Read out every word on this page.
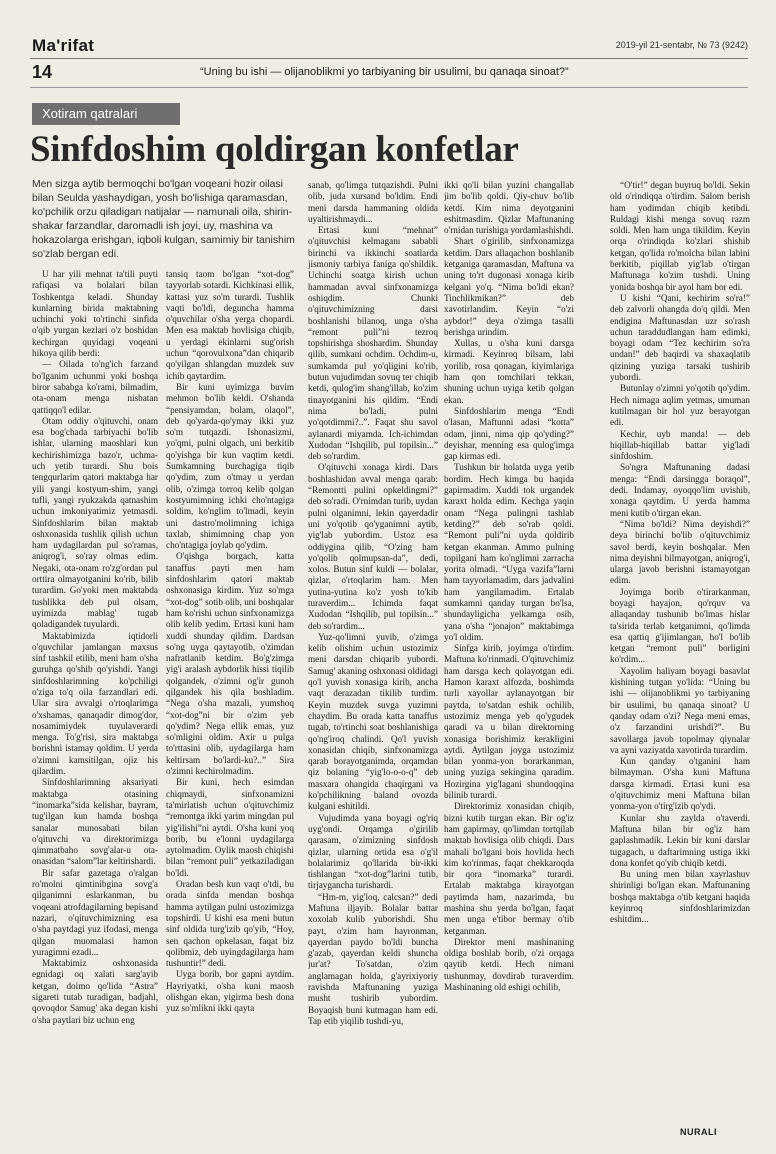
Ma'rifat	2019-yil 21-sentabr, № 73 (9242)
14	“Uning bu ishi — olijanoblikmi yo tarbiyaning bir usulimi, bu qanaqa sinoat?”
Xotiram qatralari
Sinfdoshim qoldirgan konfetlar
Men sizga aytib bermoqchi bo'lgan voqeani hozir oilasi bilan Seulda yashaydigan, yosh bo'lishiga qaramasdan, ko'pchilik orzu qiladigan natijalar — namunali oila, shirin-shakar farzandlar, daromadli ish joyi, uy, mashina va hokazolarga erishgan, iqboli kulgan, samimiy bir tanishim so'zlab bergan edi.

U har yili mehnat ta'tili puyti rafiqasi va bolalari bilan Toshkentga keladi. Shunday kunlarning birida maktabning uchinchi yoki to'rtinchi sinfida o'qib yurgan kezlari o'z boshidan kechirgan quyidagi voqeani hikoya qilib berdi:

— Oilada to'ng'ich farzand bo'lganim uchunmi yoki boshqa biror sababga ko'rami, bilmadim, ota-onam menga nisbatan qattiqqo'l edilar.

Otam oddiy o'qituvchi, onam esa bog'chada tarbiyachi bo'lib ishlar, ularning maoshlari kun kechirishimizga bazo'r, uchma-uch yetib turardi. Shu bois tengqurlarim qatori maktabga har yili yangi kostyum-shim, yangi tufli, yangi ryukzakda qatnashim uchun imkoniyatimiz yetmasdi. Sinfdoshlarim bilan maktab oshxonasida tushlik qilish uchun ham uydagilardan pul so'ramas, aniqrog'i, so'ray olmas edim. Negaki, ota-onam ro'zg'ordan pul orttira olmayotganini ko'rib, bilib turardim. Go'yoki men maktabda tushlikka deb pul olsam, uyimizda mablag' tugab qoladigandek tuyulardi.

Maktabimizda iqtidorli o'quvchilar jamlangan maxsus sinf tashkil etilib, meni ham o'sha guruhga qo'shib qo'yishdi. Yangi sinfdoshlarimning ko'pchiligi o'ziga to'q oila farzandlari edi. Ular sira avvalgi o'rtoqlarimga o'xshamas, qanaqadir dimog'dor, nosamimiydek tuyulaverardi menga. To'g'risi, sira maktabga borishni istamay qoldim. U yerda o'zimni kamsitilgan, ojiz his qilardim.

Sinfdoshlarimning aksariyati maktabga otasining “inomarka”sida kelishar, bayram, tug'ilgan kun hamda boshqa sanalar munosabati bilan o'qituvchi va direktorimizga qimmatbaho sovg'alar-u ota-onasidan “salom”lar keltirishardi.

Bir safar gazetaga o'ralgan ro'molni qimtinibgina sovg'a qilganimni eslarkanman, bu voqeani atrofdagilarning bepisand nazari, o'qituvchimizning esa o'sha paytdagi yuz ifodasi, menga qilgan muomalasi hamon yuragimni ezadi...

Maktabimiz oshxonasida egnidagi oq xalati sarg'ayib ketgan, doimo qo'lida “Astra” sigareti tutab turadigan, badjahl, qovoqdor Samug' aka degan kishi o'sha paytlari biz uchun eng

tansiq taom bo'lgan “xot-dog” tayyorlab sotardi. Kichkinasi ellik, kattasi yuz so'm turardi. Tushlik vaqti bo'ldi, deguncha hamma o'quvchilar o'sha yerga chopardi. Men esa maktab hovlisiga chiqib, u yerdagi ekinlarni sug'orish uchun “qorovulxona”dan chiqarib qo'yilgan shlangdan muzdek suv ichib qaytardim.

Bir kuni uyimizga buvim mehmon bo'lib keldi. O'shanda “pensiyamdan, bolam, olaqol”, deb qo'yarda-qo'ymay ikki yuz so'm tutqazdi. Ishonasizmi, yo'qmi, pulni olgach, uni berkitib qo'yishga bir kun vaqtim ketdi. Sumkamning burchagiga tiqib qo'ydim, zum o'tmay u yerdan olib, o'zimga torroq kelib qolgan kostyumimning ichki cho'ntagiga soldim, ko'nglim to'lmadi, keyin uni dastro'molimning ichiga taxlab, shimimning chap yon cho'ntagiga joylab qo'ydim.

O'qishga borgach, katta tanaffus payti men ham sinfdoshlarim qatori maktab oshxonasiga kirdim. Yuz so'mga “xot-dog” sotib olib, uni boshqalar ham ko'rishi uchun sinfxonamizga olib kelib yedim. Ertasi kuni ham xuddi shunday qildim. Dardsan so'ng uyga qaytayotib, o'zimdan nafratlanib ketdim. Bo'g'zimga yig'i aralash aybdorlik hissi tiqilib qolgandek, o'zimni og'ir gunoh qilgandek his qila boshladim. “Nega o'sha mazali, yumshoq “xot-dog”ni bir o'zim yeb qo'ydim? Nega ellik emas, yuz so'mligini oldim. Axir u pulga to'rttasini olib, uydagilarga ham keltirsam bo'lardi-ku?..” Sira o'zimni kechirolmadim.

Bir kuni, hech esimdan chiqmaydi, sinfxonamizni ta'mirlatish uchun o'qituvchimiz “remontga ikki yarim mingdan pul yig'ilishi”ni aytdi. O'sha kuni yoq borib, bu e'lonni uydagilarga aytolmadim. Oylik maosh chiqishi bilan “remont puli” yetkaziladigan bo'ldi.

Oradan besh kun vaqt o'tdi, bu orada sinfda mendan boshqa hamma aytilgan pulni ustozimizga topshirdi. U kishi esa meni butun sinf oldida turg'izib qo'yib, “Hoy, sen qachon opkelasan, faqat biz qolibmiz, deb uyingdagilarga ham tushuntir!” dedi.

Uyga borib, bor gapni aytdim. Hayriyatki, o'sha kuni maosh olishgan ekan, yigirma besh dona yuz so'mlikni ikki qayta

sanab, qo'limga tutqazishdi. Pulni olib, juda xursand bo'ldim. Endi meni darsda hammaning oldida uyaltirishmaydi...

Ertasi kuni “mehnat” o'qituvchisi kelmaganı sababli birinchi va ikkinchi soatlarda jismoniy tarbiya faniga qo'shildik. Uchinchi soatga kirish uchun hammadan avval sinfxonamizga oshiqdim. Chunki o'qituvchimizning darsi boshlanishi bilanoq, unga o'sha “remont puli”ni tezroq topshirishga shoshardim. Shunday qilib, sumkani ochdim. Ochdim-u, sumkamda pul yo'qligini ko'rib, butun vujudimdan sovuq ter chiqib ketdi, qulog'im shang'illab, ko'zim tinayotganini his qildim. “Endi nima bo'ladi, pulni yo'qotdimmi?..”. Faqat shu savol aylanardi miyamda. Ich-ichimdan Xudodan “Ishqilib, pul topilsin...” deb so'rardim.

O'qituvchi xonaga kirdi. Dars boshlashidan avval menga qarab: “Remontti pulini opkeldingmi?” deb so'radi. O'rnimdan turib, uydan pulni olganimni, lekin qayerdadir uni yo'qotib qo'yganimni aytib, yig'lab yubordim. Ustoz esa oddiygina qilib, “O'zing ham yo'qolib qolmupsan-da”, dedi, xolos. Butun sinf kuldi — bolalar, qizlar, o'rtoqlarim ham. Men yutina-yutina ko'z yosh to'kib turaverdim... Ichimda faqat Xudodan “Ishqilib, pul topilsin...” deb so'rardim...

Yuz-qo'limni yuvib, o'zimga kelib olishim uchun ustozimiz meni darsdan chiqarib yubordi. Samug' akaning oshxonasi oldidagi qo'l yuvish xonasiga kirib, ancha vaqt derazadan tikilib turdim. Keyin muzdek suvga yuzimni chaydim. Bu orada katta tanaffus tugab, to'rtinchi soat boshlanishiga qo'ng'iroq chalindi. Qo'l yuvish xonasidan chiqib, sinfxonamizga qarab borayotganimda, orqamdan qiz bolaning “yig'lo-o-o-q” deb masxara ohangida chaqirgani va ko'pchilikning baland ovozda kulgani eshitildi.

Vujudimda yana boyagi og'riq uyg'ondi. Orqamga o'girilib qarasam, o'zimizning sinfdosh qizlar, ularning ortida esa o'g'il bolalarimiz qo'llarida bir-ikki tishlangan “xot-dog”larini tutib, tirjayganchа turishardi.

“Hm-m, yig'loq, calcsan?” dedi Maftuna iljayib. Bolalar battar xoxolab kulib yuborishdi. Shu payt, o'zim ham hayronman, qayerdan paydo bo'ldi buncha g'azab, qayerdan keldi shuncha jur'at? To'satdan, o'zim anglamagan holda, g'ayrixiyoriy ravishda Maftunaning yuziga musht tushirib yubordim. Boyaqish buni kutmagan ham edi. Tap etib yiqilib tushdi-yu,

ikki qo'li bilan yuzini changallab jim bo'lib qoldi. Qiy-chuv bo'lib ketdi. Kim nima deyotganini eshitmasdim. Qizlar Maftunaning o'rnidan turishiga yordamlashishdi.

Shart o'girilib, sinfxonamizga ketdim. Dars allaqachon boshlanib ketganiga qaramasdan, Maftuna va uning to'rt dugonasi xonaga kirib kelgani yo'q. “Nima bo'ldi ekan? Tinchlikmikan?” deb xavotirlandim. Keyin “o'zi aybdor!” deya o'zimga tasalli berishga urindim.

Xullas, u o'sha kuni darsga kirmadi. Keyinroq bilsam, labi yorilib, rosa qonagan, kiyimlariga ham qon tomchilari tekkan, shuning uchun uyiga ketib qolgan ekan.

Sinfdoshlarim menga “Endi o'lasan, Maftunni adasi “kotta” odam, jinni, nima qip qo'yding?” deyishar, menning esa qulog'imga gap kirmas edi.

Tushkun bir holatda uyga yetib bordim. Hech kimga bu haqida gapirmadim. Xuddi tok urgandek karaxt holda edim. Kechga yaqin onam “Nega pulingni tashlab ketding?” deb so'rab qoldi. “Remont puli”ni uyda qoldirib ketgan ekanman. Ammo pulning topilgani ham ko'nglimni zarracha yorita olmadi. “Uyga vazifa”larni ham tayyorlamadim, dars jadvalini ham yangilamadim. Ertalab sumkamni qanday turgan bo'lsa, shundayligicha yelkamga osib, yana o'sha “jonajon” maktabimga yo'l oldim.

Sinfga kirib, joyimga o'tirdim. Maftuna ko'rinmadi. O'qituvchimiz ham darsga kech qolayotgan edi. Hamon karaxt alfozda, boshimda turli xayollar aylanayotgan bir paytda, to'satdan eshik ochilib, ustozimiz menga yeb qo'ygudek qaradi va u bilan direktorning xonasiga borishimiz kerakligini aytdi. Aytilgan joyga ustozimiz bilan yonma-yon borarkanman, uning yuziga sekingina qaradim. Hozirgina yig'lagani shundoqqina bilinib turardi.

Direktorimiz xonasidan chiqib, bizni kutib turgan ekan. Bir og'iz ham gapirmay, qo'limdan tortqilab maktab hovlisiga olib chiqdi. Dars mahali bo'lgani bois hovlida hech kim ko'rinmas, faqat chekkaroqda bir qora “inomarka” turardi. Ertalab maktabga kirayotgan paytimda ham, nazarimda, bu mashina shu yerda bo'lgan, faqat men unga e'tibor bermay o'tib ketganman.

Direktor meni mashinaning oldiga boshlab borib, o'zi orqaga qaytib ketdi. Hech nimani tushunmay, dovdirab turaverdim. Mashinaning old eshigi ochilib,

“O'tir!” degan buyruq bo'ldi. Sekin old o'rindiqqa o'tirdim. Salom berish ham yodimdan chiqib ketibdi. Ruldagi kishi menga sovuq razm soldi. Men ham unga tikildim. Keyin orqa o'rindiqda ko'zlari shishib ketgan, qo'lida ro'molcha bilan labini berkitib, piqillab yig'lab o'tirgan Maftunaga ko'zim tushdi. Uning yonida boshqa bir ayol ham bor edi.

U kishi “Qani, kechirim so'ra!” deb zalvorli ohangda do'q qildi. Men endigina Maftunasdan uzr so'rash uchun taraddudlangan ham edimki, boyagi odam “Tez kechirim so'ra undan!” deb baqirdi va shaxaqlatib qizining yuziga tarsaki tushirib yubordi.

Butunlay o'zimni yo'qotib qo'ydim. Hech nimaga aqlim yetmas, umuman kutilmagan bir hol yuz berayotgan edi.

Kechir, uyb manda! — deb hiqillab-hiqillab battar yig'ladi sinfdoshim.

So'ngra Maftunaning dadasi menga: “Endi darsingga borаqol”, dedi. Indamay, oyoqqo'lim uvishib, xonaga qaytdim. U yerda hamma meni kutib o'tirgan ekan.

“Nima bo'ldi? Nima deyishdi?” deya birinchi bo'lib o'qituvchimiz savol berdi, keyin boshqalar. Men nima deyishni bilmayotgan, aniqrog'i, ularga javob berishni istamayotgan edim.

Joyimga borib o'tirarkanman, boyagi hayajon, qo'rquv va allaqanday tushunib bo'lmas hislar ta'sirida terlab ketganimni, qo'limda esa qattiq g'ijimlangan, ho'l bo'lib ketgan “remont puli” borligini ko'rdim...

Xayolim haliyam boyagi basavlat kishining tutgan yo'lida: “Uning bu ishi — olijanoblikmi yo tarbiyaning bir usulimi, bu qanaqa sinoat? U qanday odam o'zi? Nega meni emas, o'z farzandini urishdi?”. Bu savollarga javob topolmay qiynalar va ayni vaziyatda xavotirda turardim.

Kun qanday o'tganini ham bilmayman. O'sha kuni Maftuna darsga kirmadi. Ertasi kuni esa o'qituvchimiz meni Maftuna bilan yonma-yon o'tirg'izib qo'ydi.

Kunlar shu zaylda o'taverdi. Maftuna bilan bir og'iz ham gaplashmadik. Lekin bir kuni darslar tugagach, u daftarimning ustiga ikki dona konfet qo'yib chiqib ketdi.

Bu uning men bilan xayrlashuv shirinligi bo'lgan ekan. Maftunaning boshqa maktabga o'tib ketgani haqida keyinroq sinfdoshlarimizdan eshitdim...

NURALI
